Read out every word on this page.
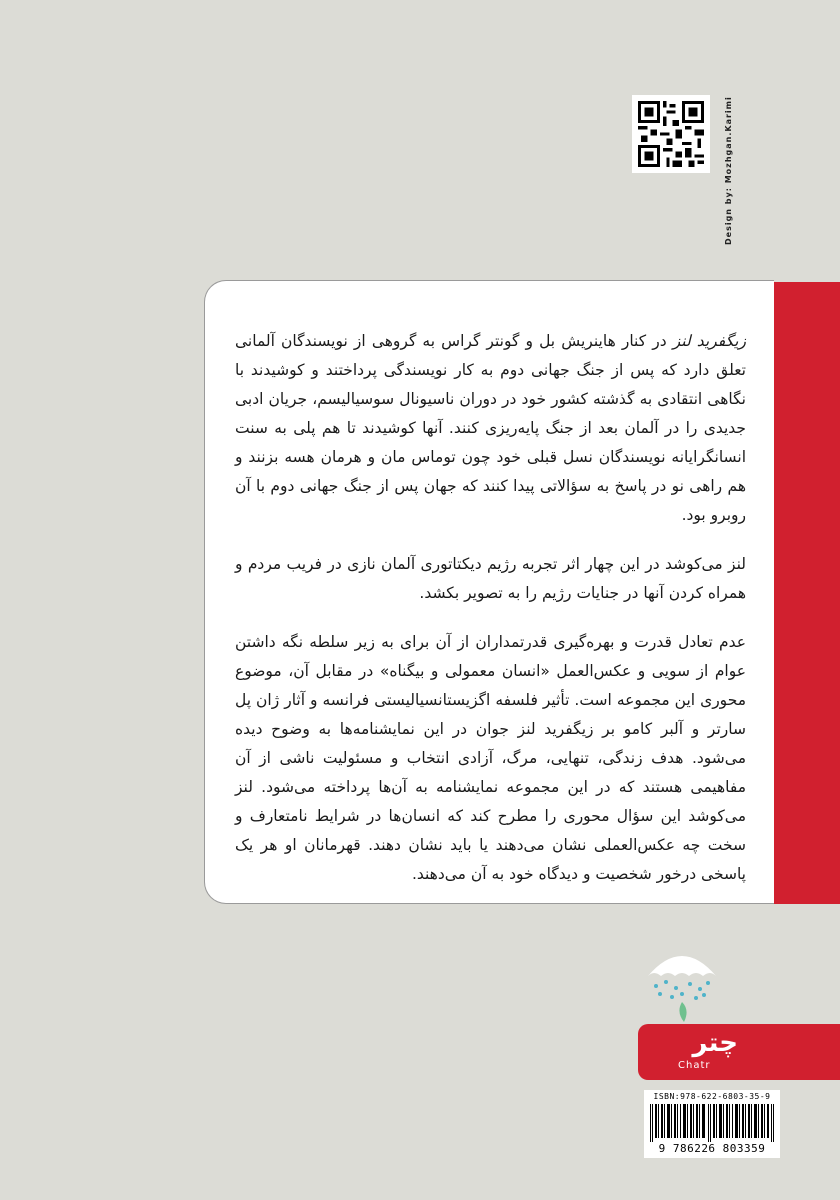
Design by: Mozhgan.Karimi

زیگفرید لنز در کنار هاینریش بل و گونتر گراس به گروهی از نویسندگان آلمانی تعلق دارد که پس از جنگ جهانی دوم به کار نویسندگی پرداختند و کوشیدند با نگاهی انتقادی به گذشته کشور خود در دوران ناسیونال سوسیالیسم، جریان ادبی جدیدی را در آلمان بعد از جنگ پایه‌ریزی کنند. آنها کوشیدند تا هم پلی به سنت انسانگرایانه نویسندگان نسل قبلی خود چون توماس مان و هرمان هسه بزنند و هم راهی نو در پاسخ به سؤالاتی پیدا کنند که جهان پس از جنگ جهانی دوم با آن روبرو بود.

لنز می‌کوشد در این چهار اثر تجربه رژیم دیکتاتوری آلمان نازی در فریب مردم و همراه کردن آنها در جنایات رژیم را به تصویر بکشد.

عدم تعادل قدرت و بهره‌گیری قدرتمداران از آن برای به زیر سلطه نگه داشتن عوام از سویی و عکس‌العمل «انسان معمولی و بیگناه» در مقابل آن، موضوع محوری این مجموعه است. تأثیر فلسفه اگزیستانسیالیستی فرانسه و آثار ژان پل سارتر و آلبر کامو بر زیگفرید لنز جوان در این نمایشنامه‌ها به وضوح دیده می‌شود. هدف زندگی، تنهایی، مرگ، آزادی انتخاب و مسئولیت ناشی از آن مفاهیمی هستند که در این مجموعه نمایشنامه به آن‌ها پرداخته می‌شود. لنز می‌کوشد این سؤال محوری را مطرح کند که انسان‌ها در شرایط نامتعارف و سخت چه عکس‌العملی نشان می‌دهند یا باید نشان دهند. قهرمانان او هر یک پاسخی درخور شخصیت و دیدگاه خود به آن می‌دهند.

چتر
Chatr
ISBN:978-622-6803-35-9
9 786226 803359
